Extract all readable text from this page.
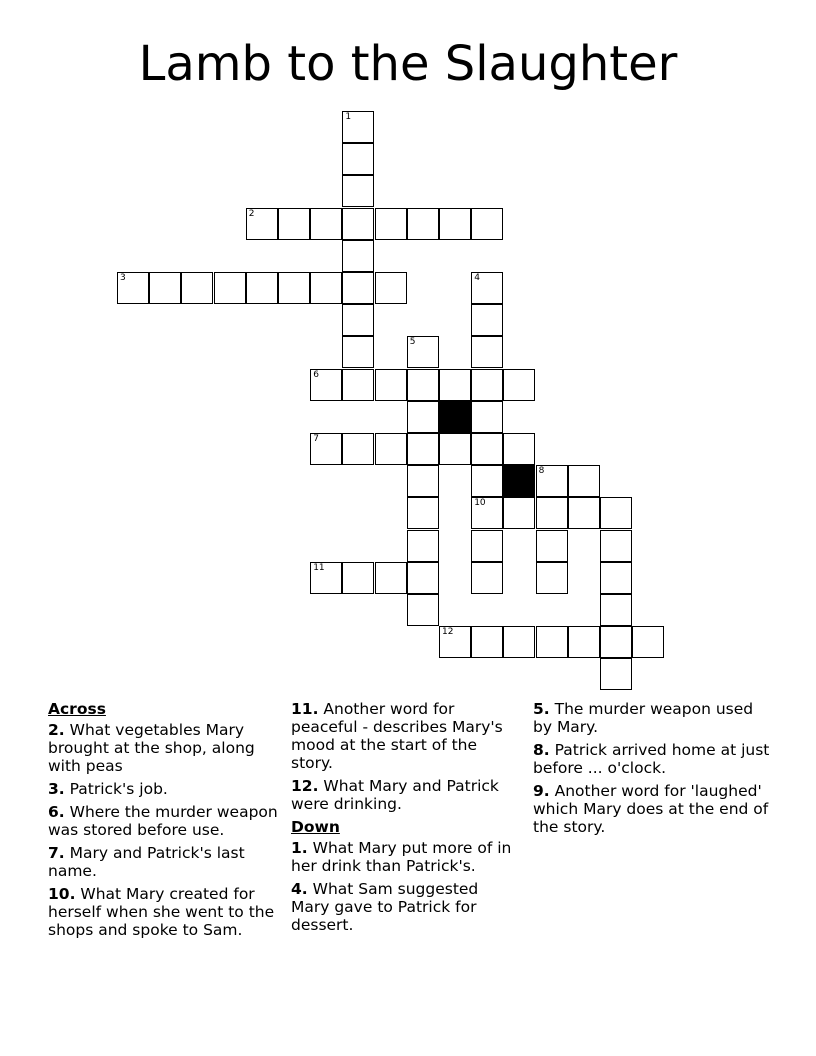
Lamb to the Slaughter
1
2
3	4
5
6
7
8
10
11
12
Across
2. What vegetables Mary brought at the shop, along with peas
3. Patrick's job.
6. Where the murder weapon was stored before use.
7. Mary and Patrick's last name.
10. What Mary created for herself when she went to the shops and spoke to Sam.
11. Another word for peaceful - describes Mary's mood at the start of the story.
12. What Mary and Patrick were drinking.
Down
1. What Mary put more of in her drink than Patrick's.
4. What Sam suggested Mary gave to Patrick for dessert.
5. The murder weapon used by Mary.
8. Patrick arrived home at just before ... o'clock.
9. Another word for 'laughed' which Mary does at the end of the story.
